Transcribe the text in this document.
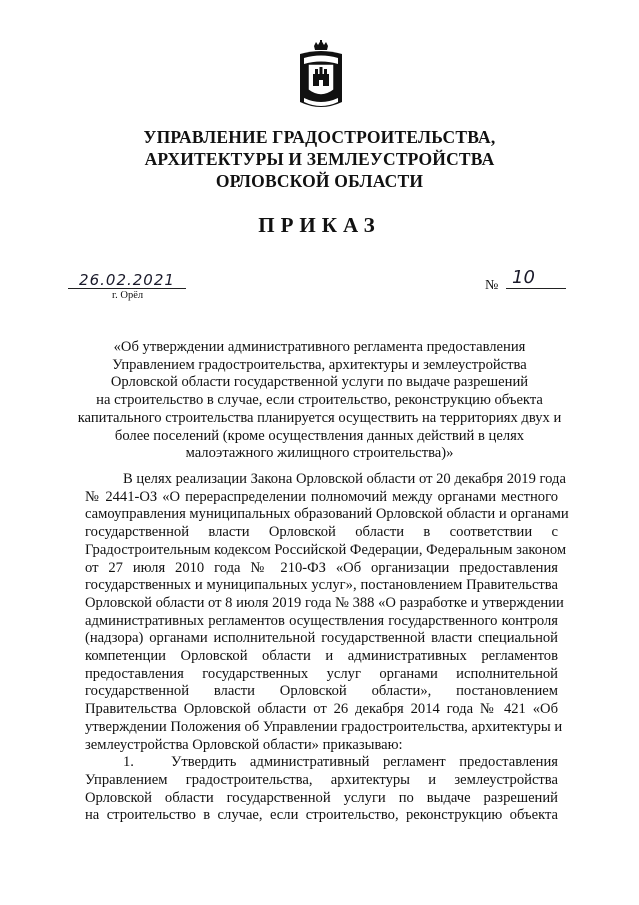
УПРАВЛЕНИЕ ГРАДОСТРОИТЕЛЬСТВА,
АРХИТЕКТУРЫ И ЗЕМЛЕУСТРОЙСТВА
ОРЛОВСКОЙ ОБЛАСТИ
ПРИКАЗ
26.02.2021
г. Орёл
№ 10
«Об утверждении административного регламента предоставления
Управлением градостроительства, архитектуры и землеустройства
Орловской области государственной услуги по выдаче разрешений
на строительство в случае, если строительство, реконструкцию объекта
капитального строительства планируется осуществить на территориях двух и
более поселений (кроме осуществления данных действий в целях
малоэтажного жилищного строительства)»
В целях реализации Закона Орловской области от 20 декабря 2019 года
№ 2441-ОЗ «О перераспределении полномочий между органами местного
самоуправления муниципальных образований Орловской области и органами
государственной власти Орловской области в соответствии с
Градостроительным кодексом Российской Федерации, Федеральным законом
от 27 июля 2010 года № 210-ФЗ «Об организации предоставления
государственных и муниципальных услуг», постановлением Правительства
Орловской области от 8 июля 2019 года № 388 «О разработке и утверждении
административных регламентов осуществления государственного контроля
(надзора) органами исполнительной государственной власти специальной
компетенции Орловской области и административных регламентов
предоставления государственных услуг органами исполнительной
государственной власти Орловской области», постановлением
Правительства Орловской области от 26 декабря 2014 года № 421 «Об
утверждении Положения об Управлении градостроительства, архитектуры и
землеустройства Орловской области» приказываю:
1.	Утвердить административный регламент предоставления
Управлением градостроительства, архитектуры и землеустройства
Орловской области государственной услуги по выдаче разрешений
на строительство в случае, если строительство, реконструкцию объекта
